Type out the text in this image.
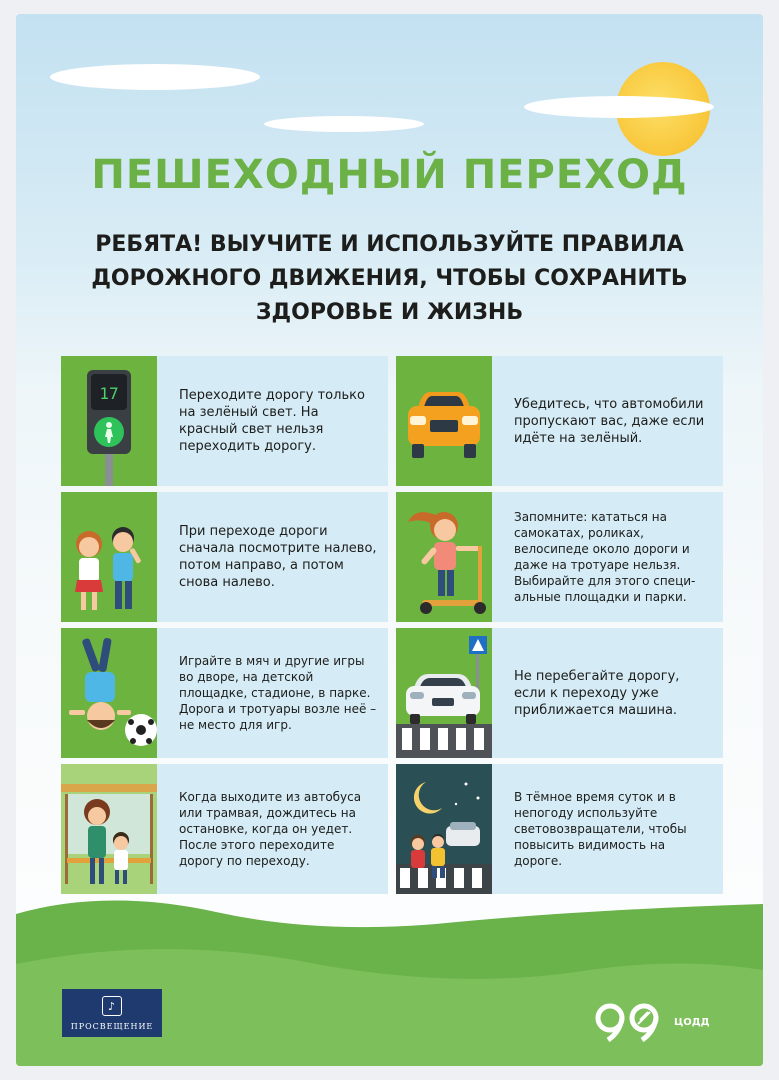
ПЕШЕХОДНЫЙ ПЕРЕХОД
РЕБЯТА! ВЫУЧИТЕ И ИСПОЛЬЗУЙТЕ ПРАВИЛА
ДОРОЖНОГО ДВИЖЕНИЯ, ЧТОБЫ СОХРАНИТЬ
ЗДОРОВЬЕ И ЖИЗНЬ
17	Переходите дорогу только на зелёный свет. На красный свет нельзя переходить дорогу.
Убедитесь, что автомобили пропускают вас, даже если идёте на зелёный.
При переходе дороги сначала посмотрите налево, потом направо, а потом снова налево.
Запомните: кататься на самокатах, роликах, велосипеде около дороги и даже на тротуаре нельзя. Выбирайте для этого специ-альные площадки и парки.
Играйте в мяч и другие игры во дворе, на детской площадке, стадионе, в парке. Дорога и тротуары возле неё – не место для игр.
Не перебегайте дорогу, если к переходу уже приближается машина.
Когда выходите из автобуса или трамвая, дождитесь на остановке, когда он уедет. После этого переходите дорогу по переходу.
В тёмное время суток и в непогоду используйте световозвращатели, чтобы повысить видимость на дороге.
♪
ПРОСВЕЩЕНИЕ	ЦОДД
